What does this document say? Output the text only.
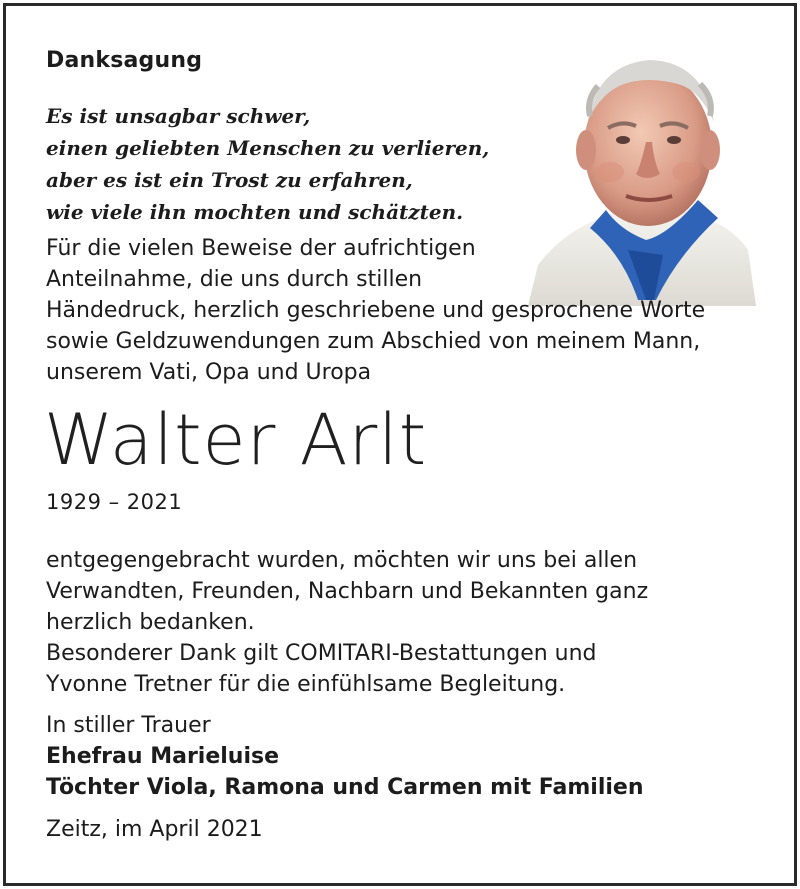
Danksagung
Es ist unsagbar schwer,
einen geliebten Menschen zu verlieren,
aber es ist ein Trost zu erfahren,
wie viele ihn mochten und schätzten.
Für die vielen Beweise der aufrichtigen
Anteilnahme, die uns durch stillen
Händedruck, herzlich geschriebene und gesprochene Worte
sowie Geldzuwendungen zum Abschied von meinem Mann,
unserem Vati, Opa und Uropa
Walter Arlt
1929 – 2021
entgegengebracht wurden, möchten wir uns bei allen
Verwandten, Freunden, Nachbarn und Bekannten ganz
herzlich bedanken.
Besonderer Dank gilt COMITARI-Bestattungen und
Yvonne Tretner für die einfühlsame Begleitung.
In stiller Trauer
Ehefrau Marieluise
Töchter Viola, Ramona und Carmen mit Familien
Zeitz, im April 2021
